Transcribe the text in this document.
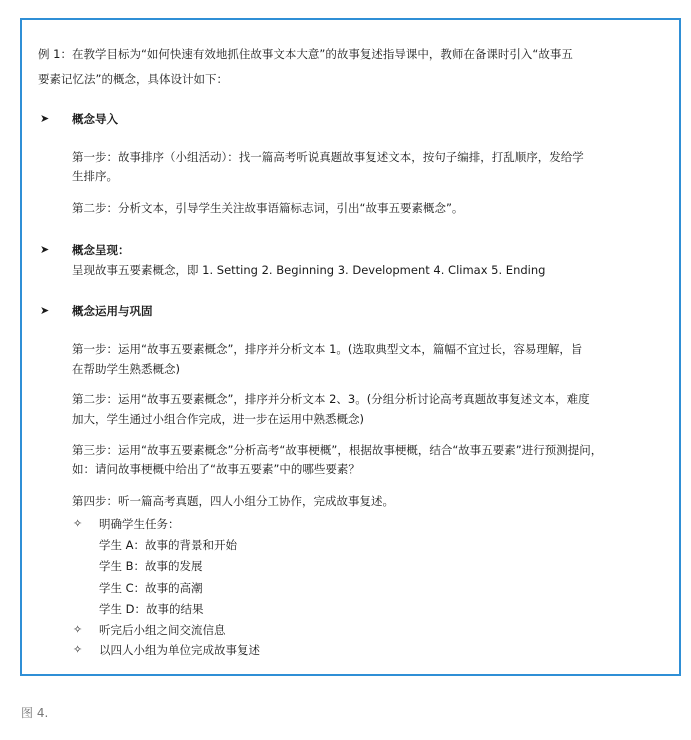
例 1：在教学目标为“如何快速有效地抓住故事文本大意”的故事复述指导课中，教师在备课时引入“故事五
要素记忆法”的概念，具体设计如下：
➤ 概念导入
第一步：故事排序（小组活动）：找一篇高考听说真题故事复述文本，按句子编排，打乱顺序，发给学
生排序。
第二步：分析文本，引导学生关注故事语篇标志词，引出“故事五要素概念”。
➤ 概念呈现：
呈现故事五要素概念，即 1. Setting 2. Beginning 3. Development 4. Climax 5. Ending
➤ 概念运用与巩固
第一步：运用“故事五要素概念”，排序并分析文本 1。(选取典型文本，篇幅不宜过长，容易理解，旨
在帮助学生熟悉概念)
第二步：运用“故事五要素概念”，排序并分析文本 2、3。(分组分析讨论高考真题故事复述文本，难度
加大，学生通过小组合作完成，进一步在运用中熟悉概念)
第三步：运用“故事五要素概念”分析高考“故事梗概”，根据故事梗概，结合“故事五要素”进行预测提问，
如：请问故事梗概中给出了“故事五要素”中的哪些要素？
第四步：听一篇高考真题，四人小组分工协作，完成故事复述。
✧ 明确学生任务：
学生 A：故事的背景和开始
学生 B：故事的发展
学生 C：故事的高潮
学生 D：故事的结果
✧ 听完后小组之间交流信息
✧ 以四人小组为单位完成故事复述
图 4.
